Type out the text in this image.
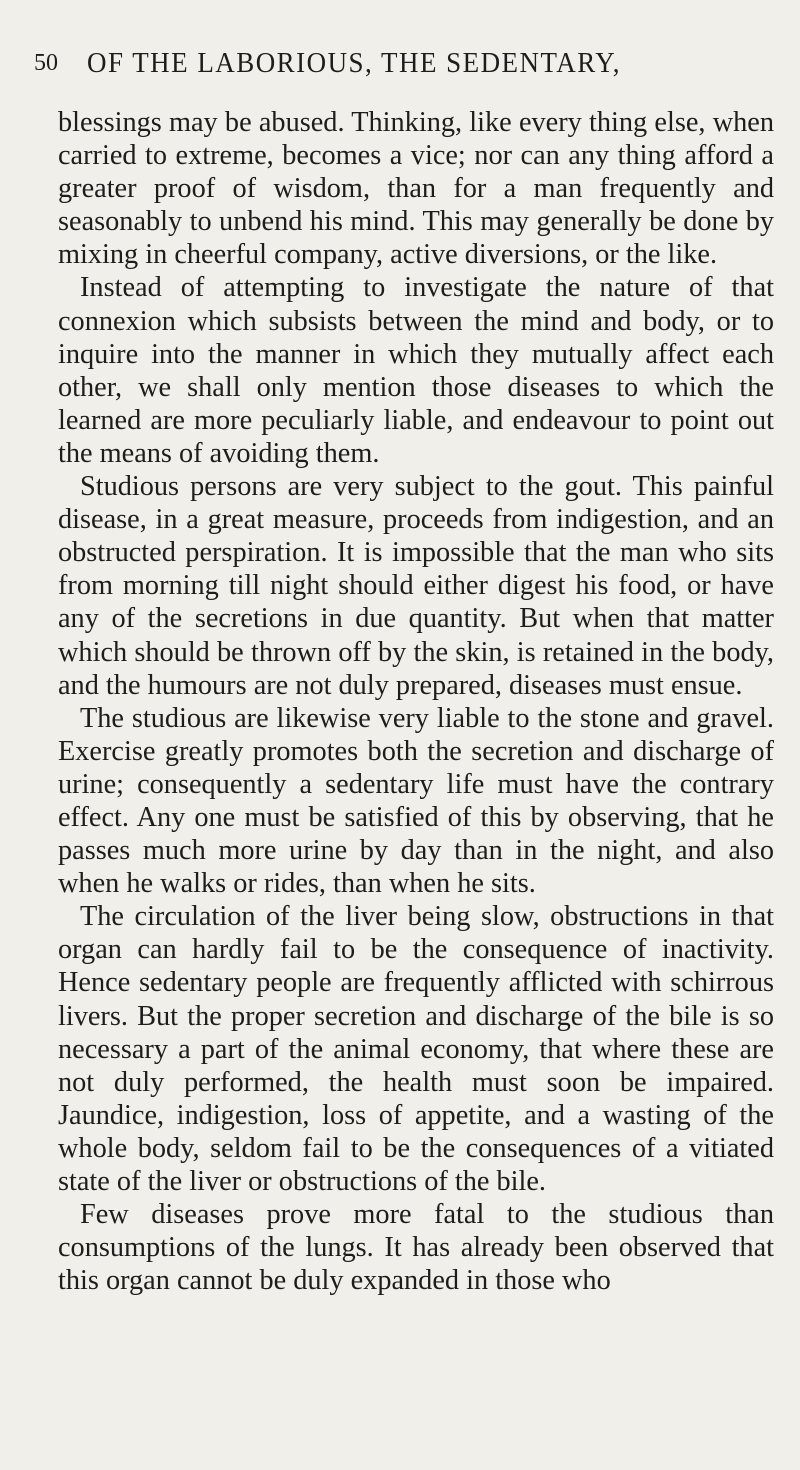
50 OF THE LABORIOUS, THE SEDENTARY,

blessings may be abused. Thinking, like every thing else, when carried to extreme, becomes a vice; nor can any thing afford a greater proof of wisdom, than for a man frequently and seasonably to unbend his mind. This may generally be done by mixing in cheerful company, active diversions, or the like.

Instead of attempting to investigate the nature of that connexion which subsists between the mind and body, or to inquire into the manner in which they mutually affect each other, we shall only mention those diseases to which the learned are more peculiarly liable, and endeavour to point out the means of avoiding them.

Studious persons are very subject to the gout. This painful disease, in a great measure, proceeds from indigestion, and an obstructed perspiration. It is impossible that the man who sits from morning till night should either digest his food, or have any of the secretions in due quantity. But when that matter which should be thrown off by the skin, is retained in the body, and the humours are not duly prepared, diseases must ensue.

The studious are likewise very liable to the stone and gravel. Exercise greatly promotes both the secretion and discharge of urine; consequently a sedentary life must have the contrary effect. Any one must be satisfied of this by observing, that he passes much more urine by day than in the night, and also when he walks or rides, than when he sits.

The circulation of the liver being slow, obstructions in that organ can hardly fail to be the consequence of inactivity. Hence sedentary people are frequently afflicted with schirrous livers. But the proper secretion and discharge of the bile is so necessary a part of the animal economy, that where these are not duly performed, the health must soon be impaired. Jaundice, indigestion, loss of appetite, and a wasting of the whole body, seldom fail to be the consequences of a vitiated state of the liver or obstructions of the bile.

Few diseases prove more fatal to the studious than consumptions of the lungs. It has already been observed that this organ cannot be duly expanded in those who
